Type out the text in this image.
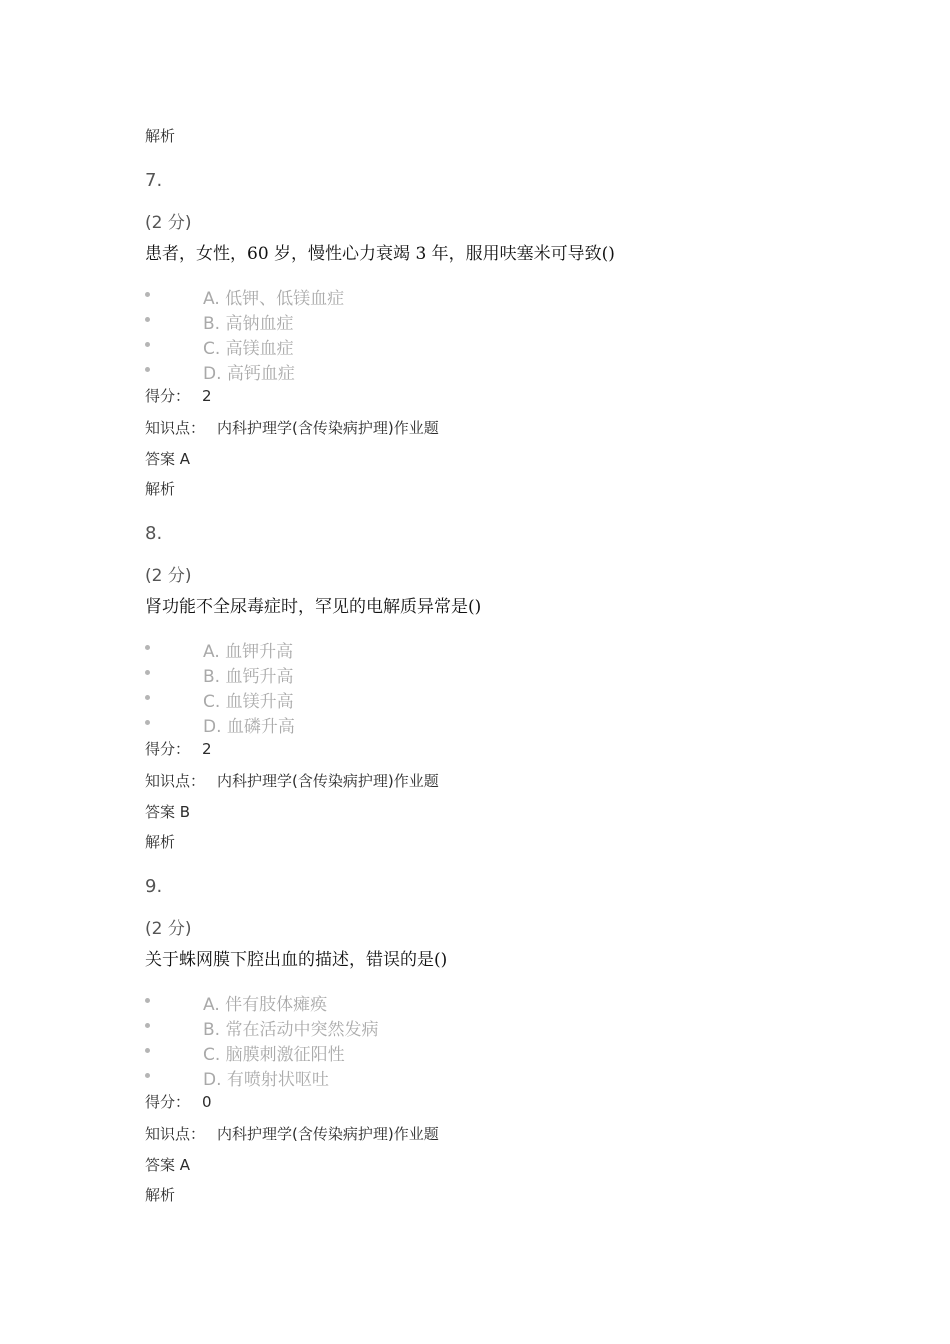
解析
7.
(2 分)
患者，女性，60 岁，慢性心力衰竭 3 年，服用呋塞米可导致()
A. 低钾、低镁血症
B. 高钠血症
C. 高镁血症
D. 高钙血症
得分： 2
知识点： 内科护理学(含传染病护理)作业题
答案 A
解析
8.
(2 分)
肾功能不全尿毒症时，罕见的电解质异常是()
A. 血钾升高
B. 血钙升高
C. 血镁升高
D. 血磷升高
得分： 2
知识点： 内科护理学(含传染病护理)作业题
答案 B
解析
9.
(2 分)
关于蛛网膜下腔出血的描述，错误的是()
A. 伴有肢体瘫痪
B. 常在活动中突然发病
C. 脑膜刺激征阳性
D. 有喷射状呕吐
得分： 0
知识点： 内科护理学(含传染病护理)作业题
答案 A
解析
